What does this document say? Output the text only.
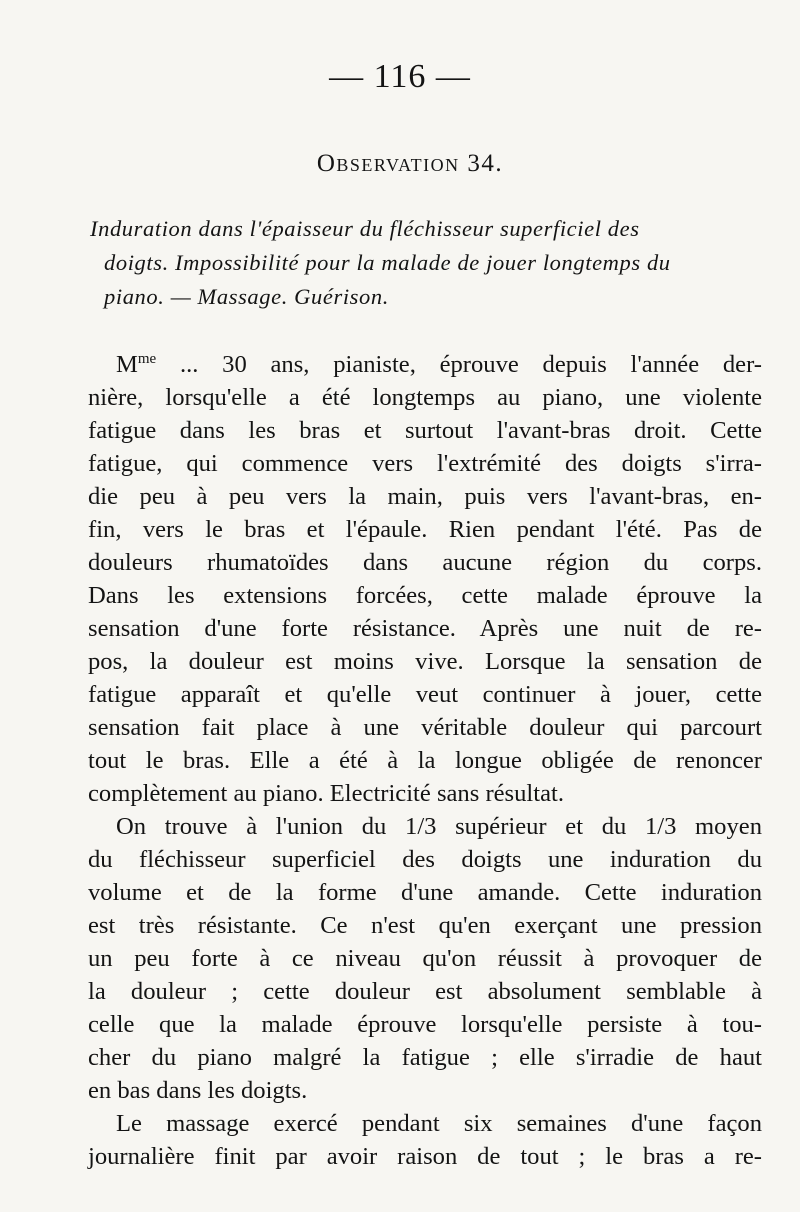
— 116 —
Observation 34.
Induration dans l'épaisseur du fléchisseur superficiel des
doigts. Impossibilité pour la malade de jouer longtemps du
piano. — Massage. Guérison.
$M^{me}$ ... 30 ans, pianiste, éprouve depuis l'année der-
nière, lorsqu'elle a été longtemps au piano, une violente
fatigue dans les bras et surtout l'avant-bras droit. Cette
fatigue, qui commence vers l'extrémité des doigts s'irra-
die peu à peu vers la main, puis vers l'avant-bras, en-
fin, vers le bras et l'épaule. Rien pendant l'été. Pas de
douleurs rhumatoïdes dans aucune région du corps.
Dans les extensions forcées, cette malade éprouve la
sensation d'une forte résistance. Après une nuit de re-
pos, la douleur est moins vive. Lorsque la sensation de
fatigue apparaît et qu'elle veut continuer à jouer, cette
sensation fait place à une véritable douleur qui parcourt
tout le bras. Elle a été à la longue obligée de renoncer
complètement au piano. Electricité sans résultat.
On trouve à l'union du 1/3 supérieur et du 1/3 moyen
du fléchisseur superficiel des doigts une induration du
volume et de la forme d'une amande. Cette induration
est très résistante. Ce n'est qu'en exerçant une pression
un peu forte à ce niveau qu'on réussit à provoquer de
la douleur ; cette douleur est absolument semblable à
celle que la malade éprouve lorsqu'elle persiste à tou-
cher du piano malgré la fatigue ; elle s'irradie de haut
en bas dans les doigts.
Le massage exercé pendant six semaines d'une façon
journalière finit par avoir raison de tout ; le bras a re-
